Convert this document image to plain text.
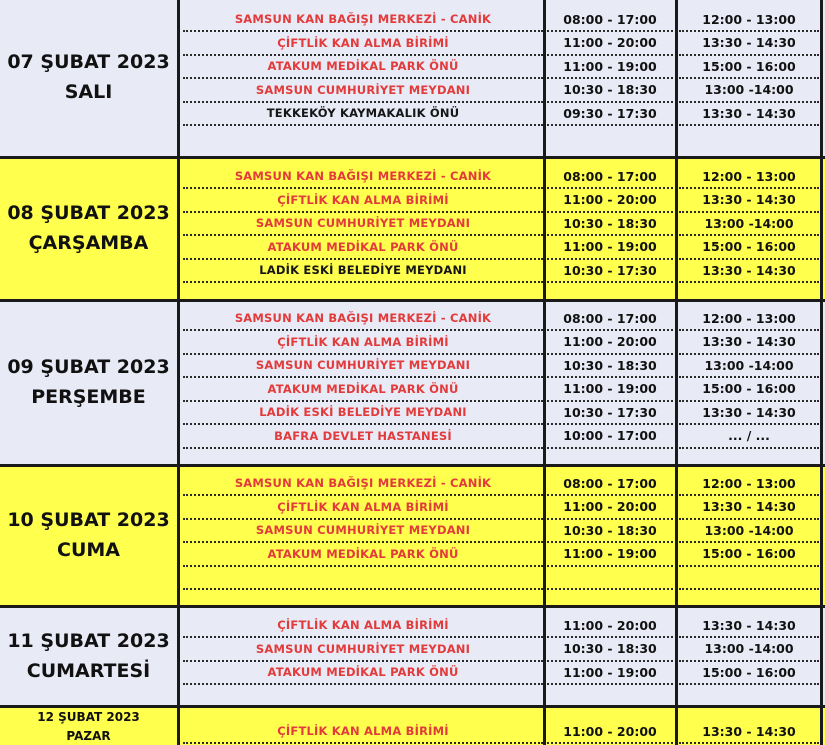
07 ŞUBAT 2023
SALI
SAMSUN KAN BAĞIŞI MERKEZİ - CANİK	08:00 - 17:00	12:00 - 13:00
ÇİFTLİK KAN ALMA BİRİMİ	11:00 - 20:00	13:30 - 14:30
ATAKUM MEDİKAL PARK ÖNÜ	11:00 - 19:00	15:00 - 16:00
SAMSUN CUMHURİYET MEYDANI	10:30 - 18:30	13:00 -14:00
TEKKEKÖY KAYMAKALIK ÖNÜ	09:30 - 17:30	13:30 - 14:30
08 ŞUBAT 2023
ÇARŞAMBA
SAMSUN KAN BAĞIŞI MERKEZİ - CANİK	08:00 - 17:00	12:00 - 13:00
ÇİFTLİK KAN ALMA BİRİMİ	11:00 - 20:00	13:30 - 14:30
SAMSUN CUMHURİYET MEYDANI	10:30 - 18:30	13:00 -14:00
ATAKUM MEDİKAL PARK ÖNÜ	11:00 - 19:00	15:00 - 16:00
LADİK ESKİ BELEDİYE MEYDANI	10:30 - 17:30	13:30 - 14:30
09 ŞUBAT 2023
PERŞEMBE
SAMSUN KAN BAĞIŞI MERKEZİ - CANİK	08:00 - 17:00	12:00 - 13:00
ÇİFTLİK KAN ALMA BİRİMİ	11:00 - 20:00	13:30 - 14:30
SAMSUN CUMHURİYET MEYDANI	10:30 - 18:30	13:00 -14:00
ATAKUM MEDİKAL PARK ÖNÜ	11:00 - 19:00	15:00 - 16:00
LADİK ESKİ BELEDİYE MEYDANI	10:30 - 17:30	13:30 - 14:30
BAFRA DEVLET HASTANESİ	10:00 - 17:00	... / ...
10 ŞUBAT 2023
CUMA
SAMSUN KAN BAĞIŞI MERKEZİ - CANİK	08:00 - 17:00	12:00 - 13:00
ÇİFTLİK KAN ALMA BİRİMİ	11:00 - 20:00	13:30 - 14:30
SAMSUN CUMHURİYET MEYDANI	10:30 - 18:30	13:00 -14:00
ATAKUM MEDİKAL PARK ÖNÜ	11:00 - 19:00	15:00 - 16:00
11 ŞUBAT 2023
CUMARTESİ
ÇİFTLİK KAN ALMA BİRİMİ	11:00 - 20:00	13:30 - 14:30
SAMSUN CUMHURİYET MEYDANI	10:30 - 18:30	13:00 -14:00
ATAKUM MEDİKAL PARK ÖNÜ	11:00 - 19:00	15:00 - 16:00
12 ŞUBAT 2023
PAZAR	ÇİFTLİK KAN ALMA BİRİMİ	11:00 - 20:00	13:30 - 14:30
